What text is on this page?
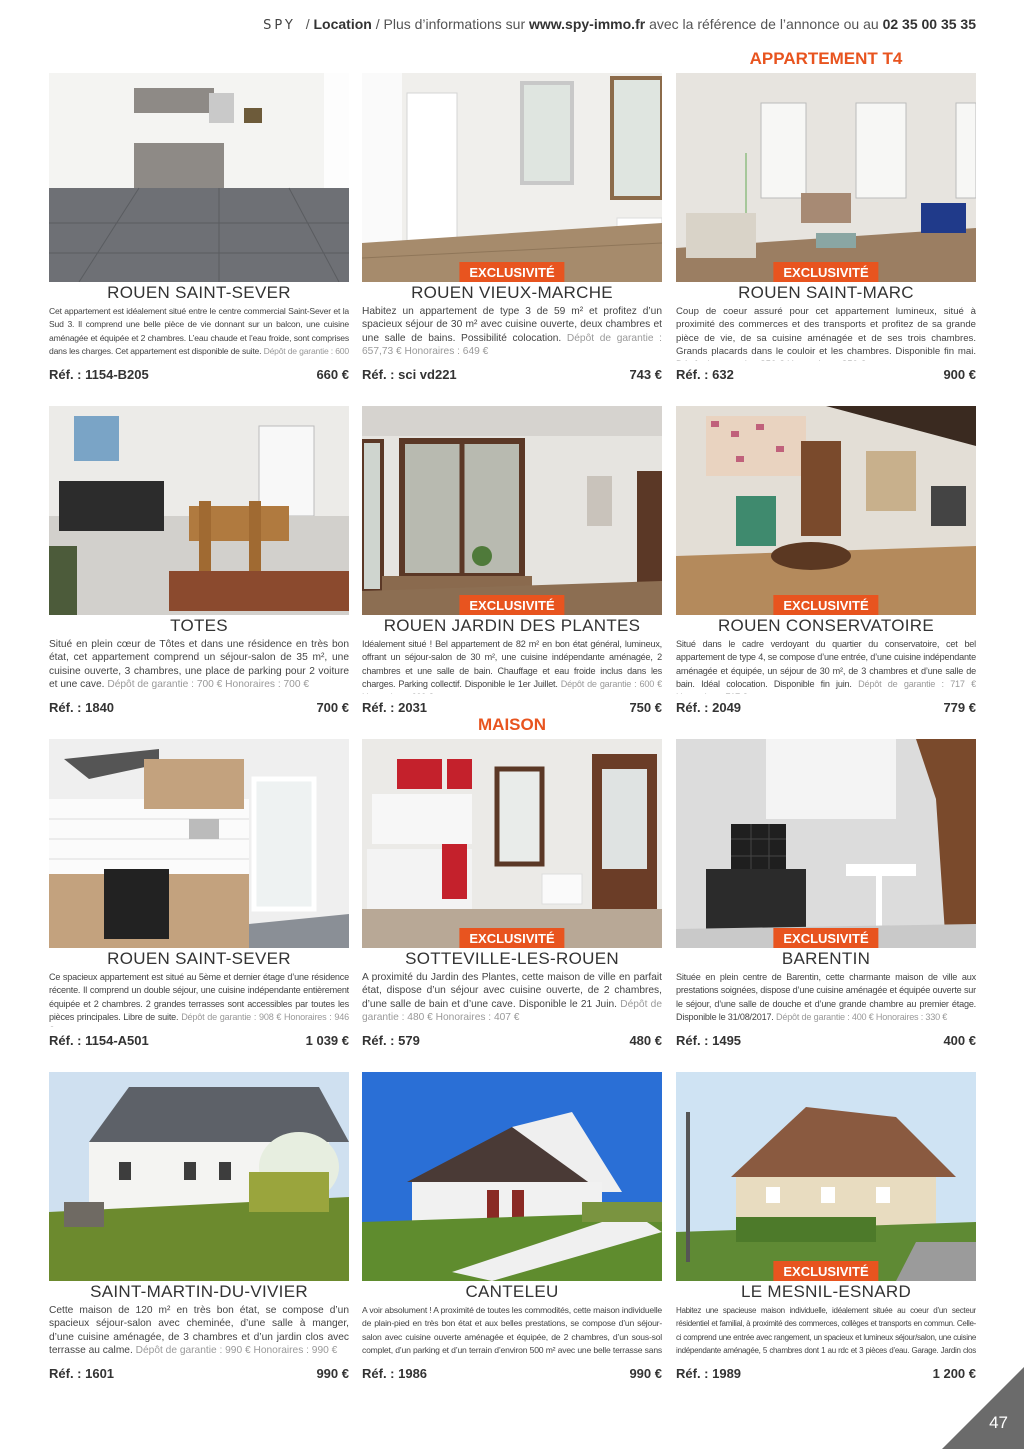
SPY / Location / Plus d’informations sur www.spy-immo.fr avec la référence de l’annonce ou au 02 35 00 35 35
APPARTEMENT T4
MAISON
ROUEN SAINT-SEVER
Cet appartement est idéalement situé entre le centre commercial Saint-Sever et la Sud 3. Il comprend une belle pièce de vie donnant sur un balcon, une cuisine aménagée et équipée et 2 chambres. L’eau chaude et l’eau froide, sont comprises dans les charges. Cet appartement est disponible de suite. Dépôt de garantie : 600
Réf. : 1154-B205	660 €
EXCLUSIVITÉ
ROUEN VIEUX-MARCHE
Habitez un appartement de type 3 de 59 m² et profitez d’un spacieux séjour de 30 m² avec cuisine ouverte, deux chambres et une salle de bains. Possibilité colocation. Dépôt de garantie : 657,73 € Honoraires : 649 €
Réf. : sci vd221	743 €
EXCLUSIVITÉ
ROUEN SAINT-MARC
Coup de coeur assuré pour cet appartement lumineux, situé à proximité des commerces et des transports et profitez de sa grande pièce de vie, de sa cuisine aménagée et de ses trois chambres. Grands placards dans le couloir et les chambres. Disponible fin mai.
Réf. : 632	900 €
TOTES
Situé en plein cœur de Tôtes et dans une résidence en très bon état, cet appartement comprend un séjour-salon de 35 m², une cuisine ouverte, 3 chambres, une place de parking pour 2 voiture et une cave. Dépôt de garantie : 700 € Honoraires : 700 €
Réf. : 1840	700 €
EXCLUSIVITÉ
ROUEN JARDIN DES PLANTES
Idéalement situé ! Bel appartement de 82 m² en bon état général, lumineux, offrant un séjour-salon de 30 m², une cuisine indépendante aménagée, 2 chambres et une salle de bain. Chauffage et eau froide inclus dans les charges. Parking collectif. Disponible le 1er Juillet. Dépôt de garantie : 600 €
Réf. : 2031	750 €
EXCLUSIVITÉ
ROUEN CONSERVATOIRE
Situé dans le cadre verdoyant du quartier du conservatoire, cet bel appartement de type 4, se compose d’une entrée, d’une cuisine indépendante aménagée et équipée, un séjour de 30 m², de 3 chambres et d’une salle de bain. Idéal colocation. Disponible fin juin. Dépôt de garantie : 717 €
Réf. : 2049	779 €
ROUEN SAINT-SEVER
Ce spacieux appartement est situé au 5ème et dernier étage d’une résidence récente. Il comprend un double séjour, une cuisine indépendante entièrement équipée et 2 chambres. 2 grandes terrasses sont accessibles par toutes les pièces principales. Libre de suite. Dépôt de garantie : 908 € Honoraires : 946
Réf. : 1154-A501	1 039 €
EXCLUSIVITÉ
SOTTEVILLE-LES-ROUEN
A proximité du Jardin des Plantes, cette maison de ville en parfait état, dispose d’un séjour avec cuisine ouverte, de 2 chambres, d’une salle de bain et d’une cave. Disponible le 21 Juin. Dépôt de garantie : 480 € Honoraires : 407 €
Réf. : 579	480 €
EXCLUSIVITÉ
BARENTIN
Située en plein centre de Barentin, cette charmante maison de ville aux prestations soignées, dispose d’une cuisine aménagée et équipée ouverte sur le séjour, d’une salle de douche et d’une grande chambre au premier étage. Disponible le 31/08/2017. Dépôt de garantie : 400 € Honoraires : 330 €
Réf. : 1495	400 €
SAINT-MARTIN-DU-VIVIER
Cette maison de 120 m² en très bon état, se compose d’un spacieux séjour-salon avec cheminée, d’une salle à manger, d’une cuisine aménagée, de 3 chambres et d’un jardin clos avec terrasse au calme. Dépôt de garantie : 990 € Honoraires : 990 €
Réf. : 1601	990 €
CANTELEU
A voir absolument ! A proximité de toutes les commodités, cette maison individuelle de plain-pied en très bon état et aux belles prestations, se compose d’un séjour-salon avec cuisine ouverte aménagée et équipée, de 2 chambres, d’un sous-sol complet, d’un parking et d’un terrain d’environ 500 m² avec une belle terrasse sans
Réf. : 1986	990 €
EXCLUSIVITÉ
LE MESNIL-ESNARD
Habitez une spacieuse maison individuelle, idéalement située au coeur d’un secteur résidentiel et familial, à proximité des commerces, collèges et transports en commun. Celle-ci comprend une entrée avec rangement, un spacieux et lumineux séjour/salon, une cuisine indépendante aménagée, 5 chambres dont 1 au rdc et 3 pièces d’eau. Garage. Jardin clos
Réf. : 1989	1 200 €
47
